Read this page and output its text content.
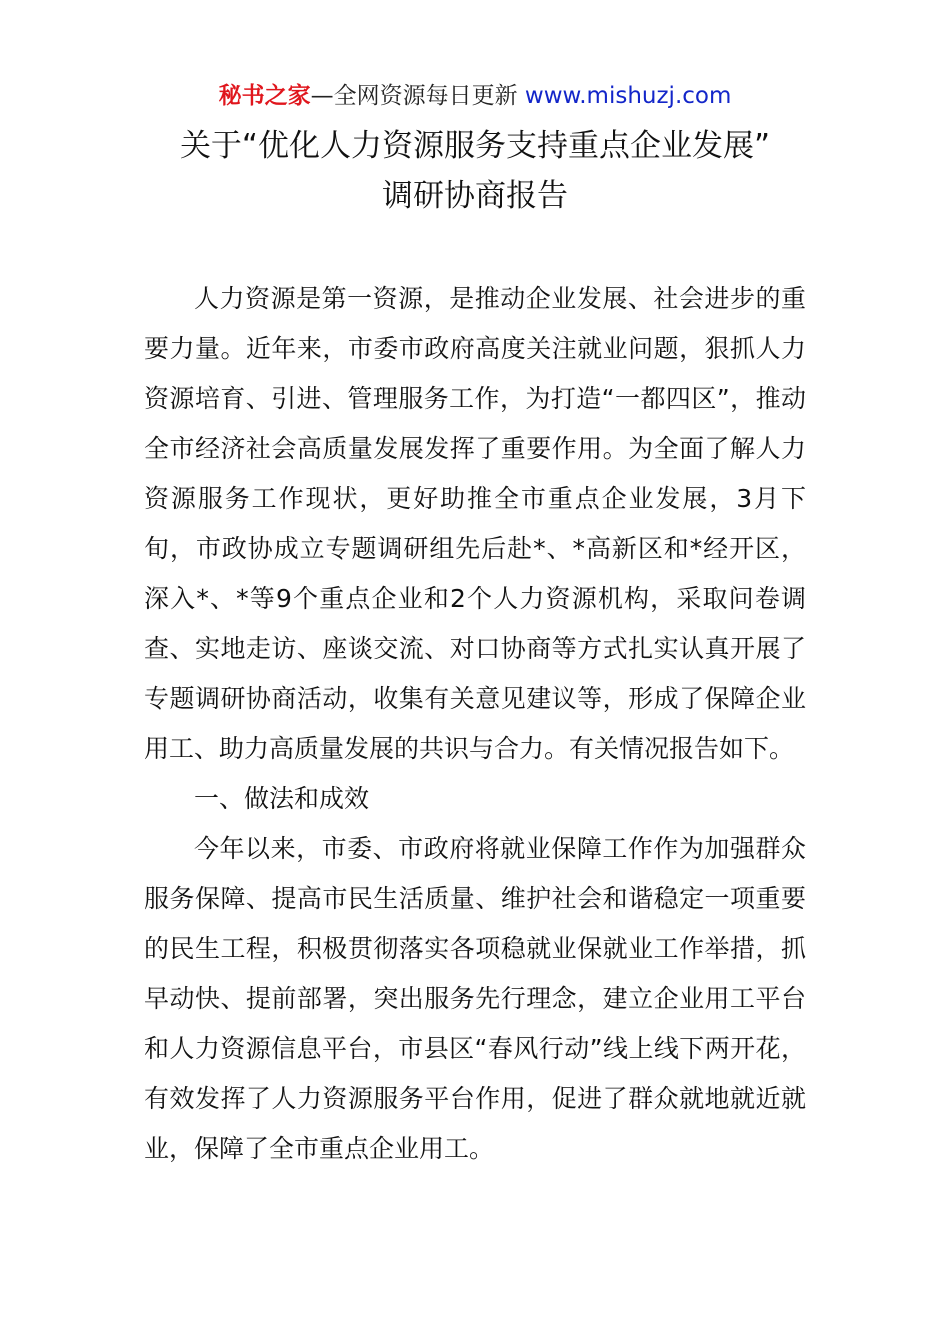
秘书之家—全网资源每日更新 www.mishuzj.com
关于“优化人力资源服务支持重点企业发展”
调研协商报告

人力资源是第一资源，是推动企业发展、社会进步的重要力量。近年来，市委市政府高度关注就业问题，狠抓人力资源培育、引进、管理服务工作，为打造“一都四区”，推动全市经济社会高质量发展发挥了重要作用。为全面了解人力资源服务工作现状，更好助推全市重点企业发展，3月下旬，市政协成立专题调研组先后赴*、*高新区和*经开区，深入*、*等9个重点企业和2个人力资源机构，采取问卷调查、实地走访、座谈交流、对口协商等方式扎实认真开展了专题调研协商活动，收集有关意见建议等，形成了保障企业用工、助力高质量发展的共识与合力。有关情况报告如下。

一、做法和成效

今年以来，市委、市政府将就业保障工作作为加强群众服务保障、提高市民生活质量、维护社会和谐稳定一项重要的民生工程，积极贯彻落实各项稳就业保就业工作举措，抓早动快、提前部署，突出服务先行理念，建立企业用工平台和人力资源信息平台，市县区“春风行动”线上线下两开花，有效发挥了人力资源服务平台作用，促进了群众就地就近就业，保障了全市重点企业用工。
